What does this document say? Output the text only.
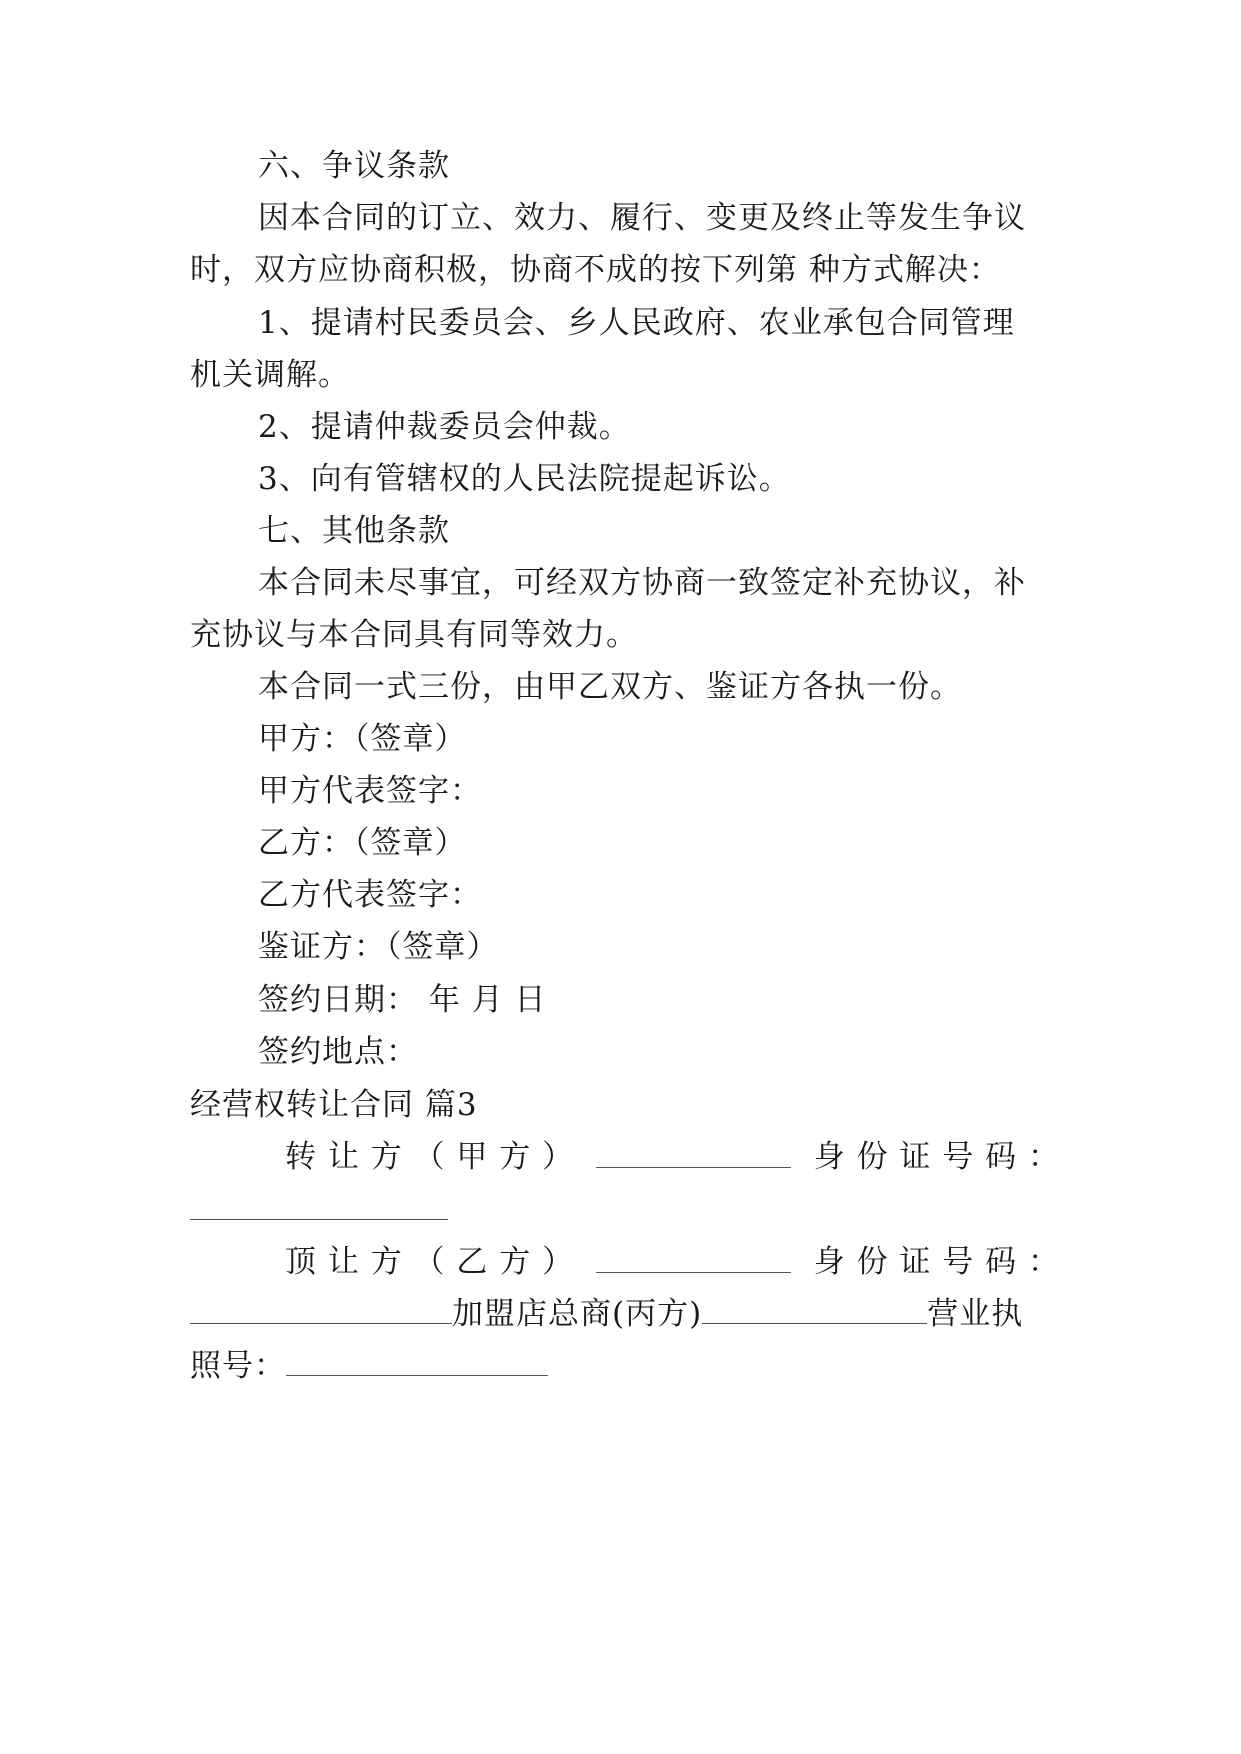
六、争议条款
因本合同的订立、效力、履行、变更及终止等发生争议
时，双方应协商积极，协商不成的按下列第 种方式解决：
1、提请村民委员会、乡人民政府、农业承包合同管理
机关调解。
2、提请仲裁委员会仲裁。
3、向有管辖权的人民法院提起诉讼。
七、其他条款
本合同未尽事宜，可经双方协商一致签定补充协议，补
充协议与本合同具有同等效力。
本合同一式三份，由甲乙双方、鉴证方各执一份。
甲方：（签章）
甲方代表签字：
乙方：（签章）
乙方代表签字：
鉴证方：（签章）
签约日期： 年 月 日
签约地点：
经营权转让合同 篇3
转 让 方 （ 甲 方 ）	身 份 证 号 码 ：
顶 让 方 （ 乙 方 ）	身 份 证 号 码 ：
加盟店总商(丙方)	营业执
照号：
